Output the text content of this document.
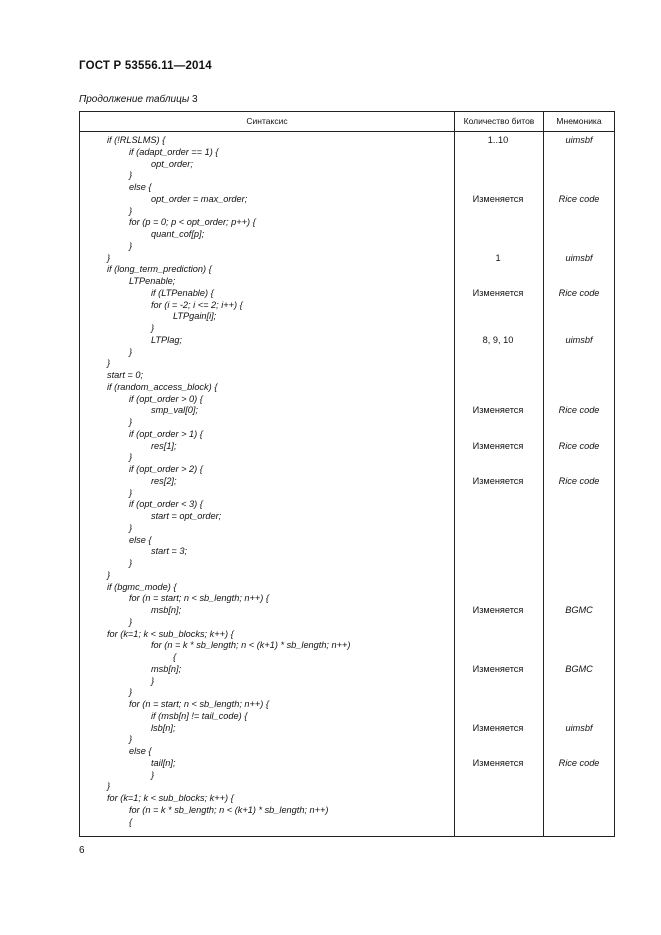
ГОСТ Р 53556.11—2014
Продолжение таблицы 3
Синтаксис	Количество битов	Мнемоника
if (!RLSLMS) {	1..10	uimsbf
if (adapt_order == 1) {
opt_order;
}
else {
opt_order = max_order;	Изменяется	Rice code
}
for (p = 0; p < opt_order; p++) {
quant_cof[p];
}
}	1	uimsbf
if (long_term_prediction) {
LTPenable;
if (LTPenable) {	Изменяется	Rice code
for (i = -2; i <= 2; i++) {
LTPgain[i];
}
LTPlag;	8, 9, 10	uimsbf
}
}
start = 0;
if (random_access_block) {
if (opt_order > 0) {
smp_val[0];	Изменяется	Rice code
}
if (opt_order > 1) {
res[1];	Изменяется	Rice code
}
if (opt_order > 2) {
res[2];	Изменяется	Rice code
}
if (opt_order < 3) {
start = opt_order;
}
else {
start = 3;
}
}
if (bgmc_mode) {
for (n = start; n < sb_length; n++) {
msb[n];	Изменяется	BGMC
}
for (k=1; k < sub_blocks; k++) {
for (n = k * sb_length; n < (k+1) * sb_length; n++)
{
msb[n];	Изменяется	BGMC
}
}
for (n = start; n < sb_length; n++) {
if (msb[n] != tail_code) {
lsb[n];	Изменяется	uimsbf
}
else {
tail[n];	Изменяется	Rice code
}
}
for (k=1; k < sub_blocks; k++) {
for (n = k * sb_length; n < (k+1) * sb_length; n++)
{
6
